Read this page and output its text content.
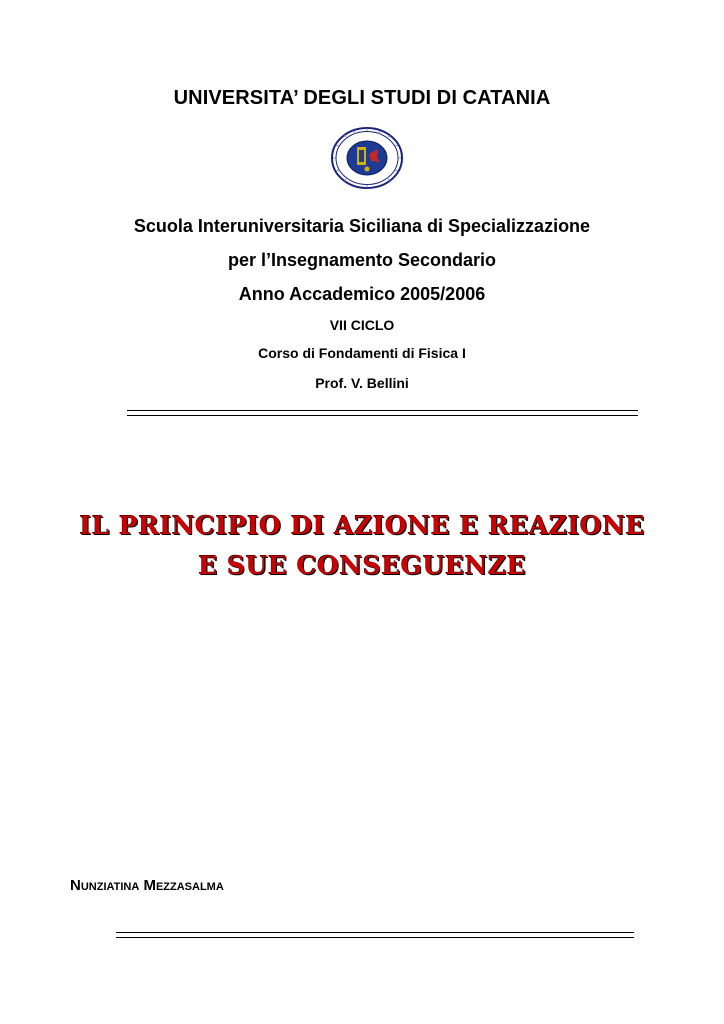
UNIVERSITA’ DEGLI STUDI DI CATANIA
Scuola Interuniversitaria Siciliana di Specializzazione
per l’Insegnamento Secondario
Anno Accademico 2005/2006
VII CICLO
Corso di Fondamenti di Fisica I
Prof. V. Bellini
IL PRINCIPIO DI AZIONE E REAZIONE
E SUE CONSEGUENZE
Nunziatina Mezzasalma
